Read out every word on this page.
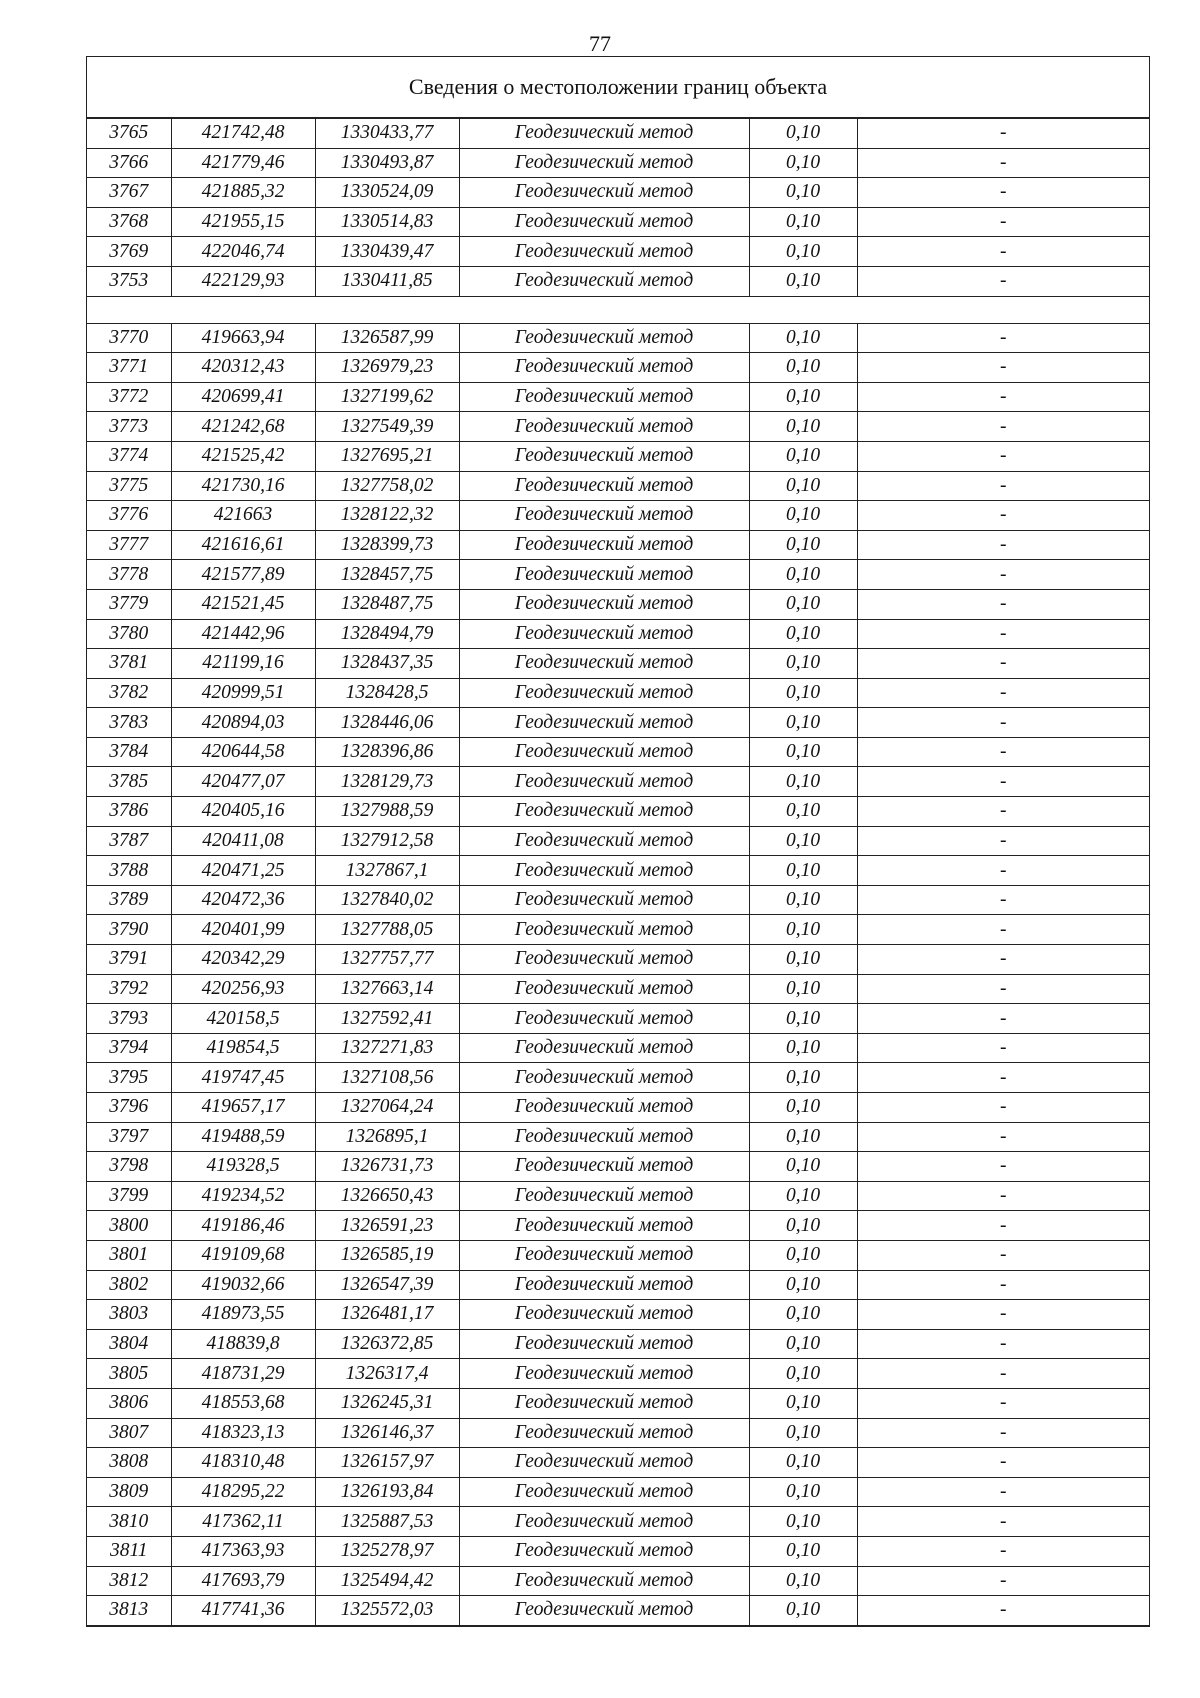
77
Сведения о местоположении границ объекта
3765	421742,48	1330433,77	Геодезический метод	0,10	-
3766	421779,46	1330493,87	Геодезический метод	0,10	-
3767	421885,32	1330524,09	Геодезический метод	0,10	-
3768	421955,15	1330514,83	Геодезический метод	0,10	-
3769	422046,74	1330439,47	Геодезический метод	0,10	-
3753	422129,93	1330411,85	Геодезический метод	0,10	-

3770	419663,94	1326587,99	Геодезический метод	0,10	-
3771	420312,43	1326979,23	Геодезический метод	0,10	-
3772	420699,41	1327199,62	Геодезический метод	0,10	-
3773	421242,68	1327549,39	Геодезический метод	0,10	-
3774	421525,42	1327695,21	Геодезический метод	0,10	-
3775	421730,16	1327758,02	Геодезический метод	0,10	-
3776	421663	1328122,32	Геодезический метод	0,10	-
3777	421616,61	1328399,73	Геодезический метод	0,10	-
3778	421577,89	1328457,75	Геодезический метод	0,10	-
3779	421521,45	1328487,75	Геодезический метод	0,10	-
3780	421442,96	1328494,79	Геодезический метод	0,10	-
3781	421199,16	1328437,35	Геодезический метод	0,10	-
3782	420999,51	1328428,5	Геодезический метод	0,10	-
3783	420894,03	1328446,06	Геодезический метод	0,10	-
3784	420644,58	1328396,86	Геодезический метод	0,10	-
3785	420477,07	1328129,73	Геодезический метод	0,10	-
3786	420405,16	1327988,59	Геодезический метод	0,10	-
3787	420411,08	1327912,58	Геодезический метод	0,10	-
3788	420471,25	1327867,1	Геодезический метод	0,10	-
3789	420472,36	1327840,02	Геодезический метод	0,10	-
3790	420401,99	1327788,05	Геодезический метод	0,10	-
3791	420342,29	1327757,77	Геодезический метод	0,10	-
3792	420256,93	1327663,14	Геодезический метод	0,10	-
3793	420158,5	1327592,41	Геодезический метод	0,10	-
3794	419854,5	1327271,83	Геодезический метод	0,10	-
3795	419747,45	1327108,56	Геодезический метод	0,10	-
3796	419657,17	1327064,24	Геодезический метод	0,10	-
3797	419488,59	1326895,1	Геодезический метод	0,10	-
3798	419328,5	1326731,73	Геодезический метод	0,10	-
3799	419234,52	1326650,43	Геодезический метод	0,10	-
3800	419186,46	1326591,23	Геодезический метод	0,10	-
3801	419109,68	1326585,19	Геодезический метод	0,10	-
3802	419032,66	1326547,39	Геодезический метод	0,10	-
3803	418973,55	1326481,17	Геодезический метод	0,10	-
3804	418839,8	1326372,85	Геодезический метод	0,10	-
3805	418731,29	1326317,4	Геодезический метод	0,10	-
3806	418553,68	1326245,31	Геодезический метод	0,10	-
3807	418323,13	1326146,37	Геодезический метод	0,10	-
3808	418310,48	1326157,97	Геодезический метод	0,10	-
3809	418295,22	1326193,84	Геодезический метод	0,10	-
3810	417362,11	1325887,53	Геодезический метод	0,10	-
3811	417363,93	1325278,97	Геодезический метод	0,10	-
3812	417693,79	1325494,42	Геодезический метод	0,10	-
3813	417741,36	1325572,03	Геодезический метод	0,10	-
